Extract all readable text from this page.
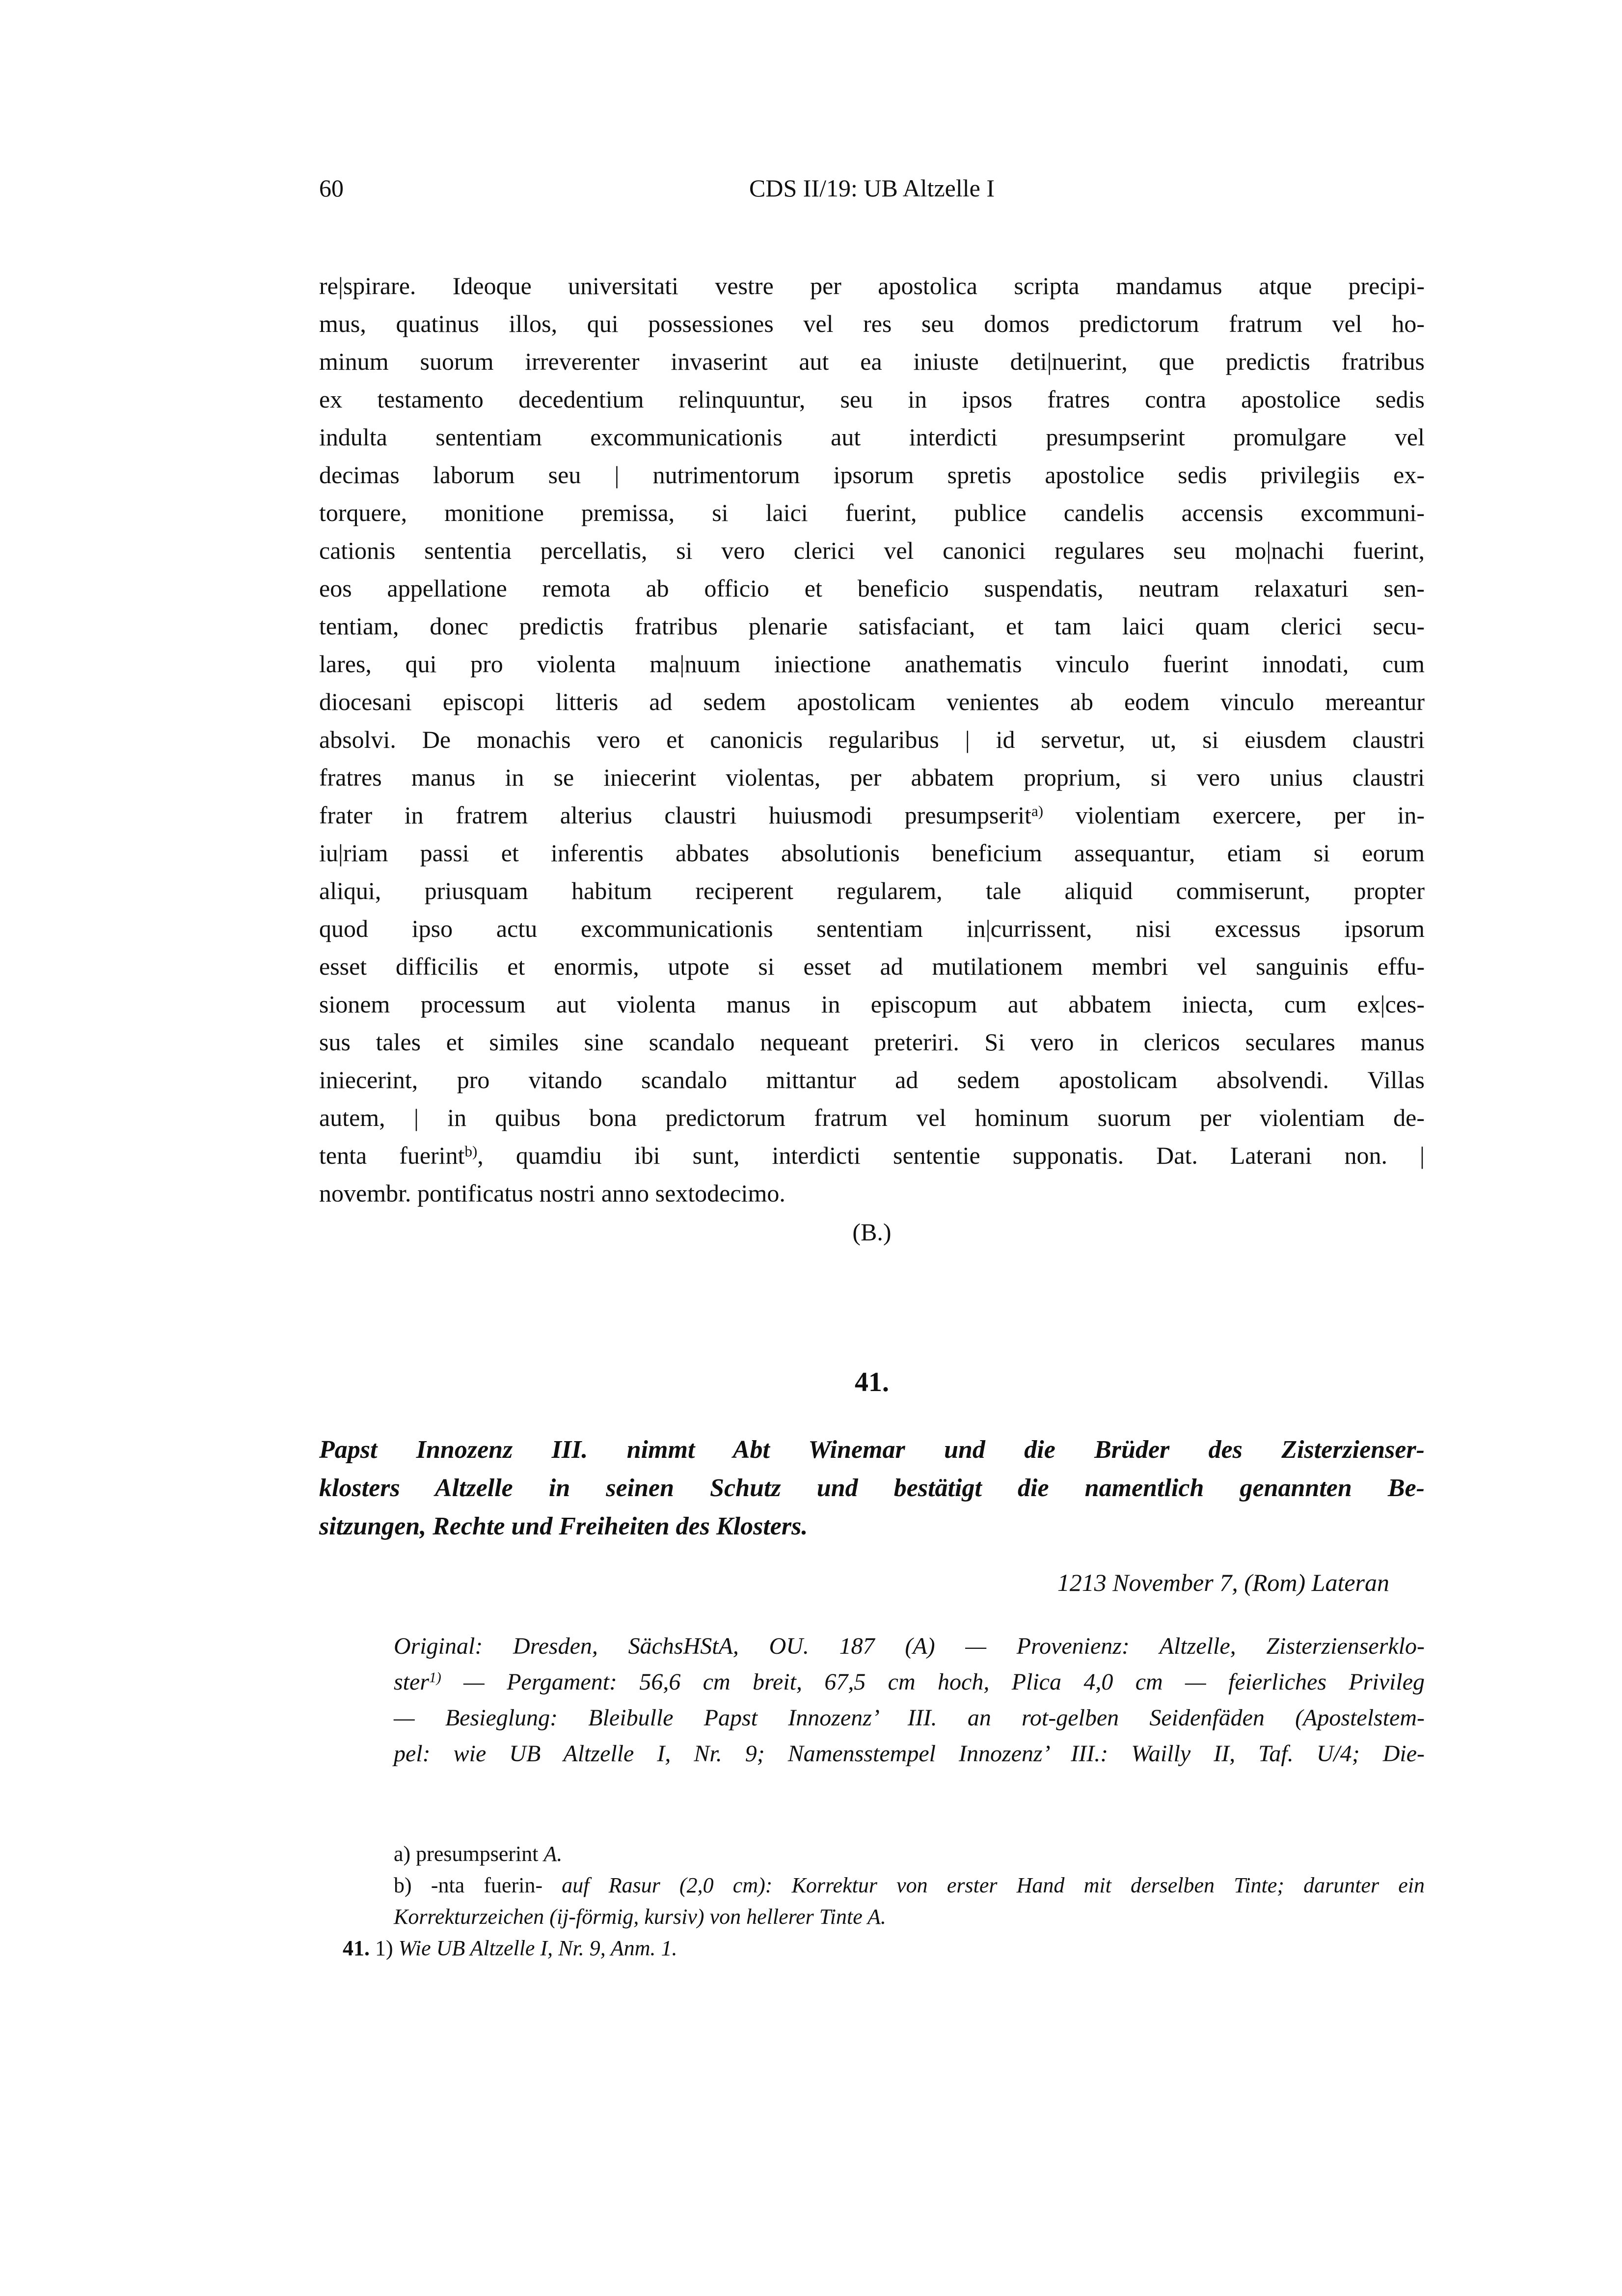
60	CDS II/19: UB Altzelle I
re|spirare. Ideoque universitati vestre per apostolica scripta mandamus atque precipi-
mus, quatinus illos, qui possessiones vel res seu domos predictorum fratrum vel ho-
minum suorum irreverenter invaserint aut ea iniuste deti|nuerint, que predictis fratribus
ex testamento decedentium relinquuntur, seu in ipsos fratres contra apostolice sedis
indulta sententiam excommunicationis aut interdicti presumpserint promulgare vel
decimas laborum seu | nutrimentorum ipsorum spretis apostolice sedis privilegiis ex-
torquere, monitione premissa, si laici fuerint, publice candelis accensis excommuni-
cationis sententia percellatis, si vero clerici vel canonici regulares seu mo|nachi fuerint,
eos appellatione remota ab officio et beneficio suspendatis, neutram relaxaturi sen-
tentiam, donec predictis fratribus plenarie satisfaciant, et tam laici quam clerici secu-
lares, qui pro violenta ma|nuum iniectione anathematis vinculo fuerint innodati, cum
diocesani episcopi litteris ad sedem apostolicam venientes ab eodem vinculo mereantur
absolvi. De monachis vero et canonicis regularibus | id servetur, ut, si eiusdem claustri
fratres manus in se iniecerint violentas, per abbatem proprium, si vero unius claustri
frater in fratrem alterius claustri huiusmodi presumpserit$^{a)}$ violentiam exercere, per in-
iu|riam passi et inferentis abbates absolutionis beneficium assequantur, etiam si eorum
aliqui, priusquam habitum reciperent regularem, tale aliquid commiserunt, propter
quod ipso actu excommunicationis sententiam in|currissent, nisi excessus ipsorum
esset difficilis et enormis, utpote si esset ad mutilationem membri vel sanguinis effu-
sionem processum aut violenta manus in episcopum aut abbatem iniecta, cum ex|ces-
sus tales et similes sine scandalo nequeant preteriri. Si vero in clericos seculares manus
iniecerint, pro vitando scandalo mittantur ad sedem apostolicam absolvendi. Villas
autem, | in quibus bona predictorum fratrum vel hominum suorum per violentiam de-
tenta fuerint$^{b)}$, quamdiu ibi sunt, interdicti sententie supponatis. Dat. Laterani non. |
novembr. pontificatus nostri anno sextodecimo.
(B.)
41.
Papst Innozenz III. nimmt Abt Winemar und die Brüder des Zisterzienser-
klosters Altzelle in seinen Schutz und bestätigt die namentlich genannten Be-
sitzungen, Rechte und Freiheiten des Klosters.
1213 November 7, (Rom) Lateran
Original: Dresden, SächsHStA, OU. 187 (A) — Provenienz: Altzelle, Zisterzienserklo-
ster$^{1)}$ — Pergament: 56,6 cm breit, 67,5 cm hoch, Plica 4,0 cm — feierliches Privileg
— Besieglung: Bleibulle Papst Innozenz’ III. an rot-gelben Seidenfäden (Apostelstem-
pel: wie UB Altzelle I, Nr. 9; Namensstempel Innozenz’ III.: Wailly II, Taf. U/4; Die-
a) presumpserint A.
b) -nta fuerin- auf Rasur (2,0 cm): Korrektur von erster Hand mit derselben Tinte; darunter ein
Korrekturzeichen (ij-förmig, kursiv) von hellerer Tinte A.
41. 1) Wie UB Altzelle I, Nr. 9, Anm. 1.
